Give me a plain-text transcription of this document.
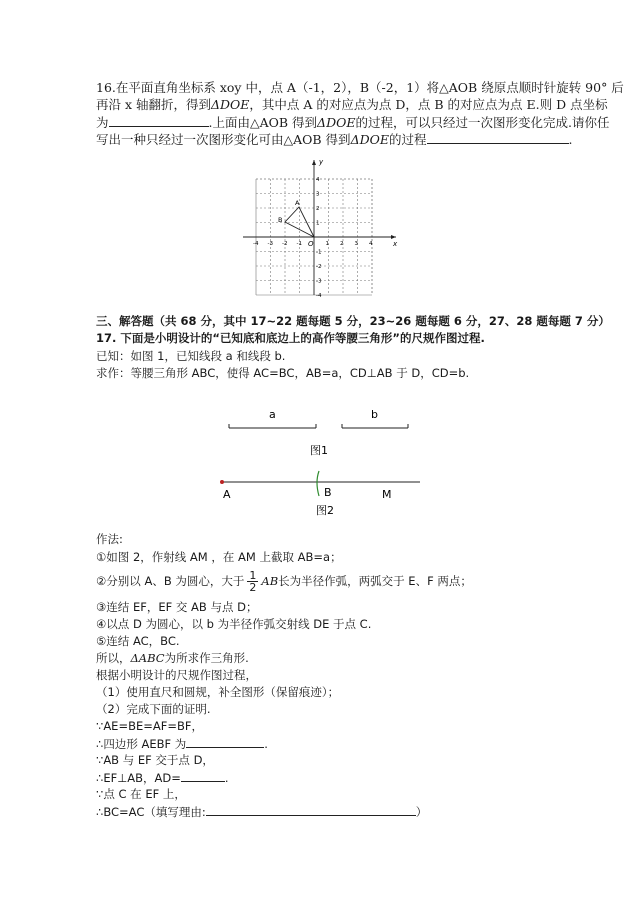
16.在平面直角坐标系 xoy 中，点 A（-1，2），B（-2，1）将△AOB 绕原点顺时针旋转 90° 后
再沿 x 轴翻折，得到ΔDOE，其中点 A 的对应点为点 D，点 B 的对应点为点 E.则 D 点坐标
为	.上面由△AOB 得到ΔDOE的过程，可以只经过一次图形变化完成.请你任
写出一种只经过一次图形变化可由△AOB 得到ΔDOE的过程	.
y
x
O
-4 -3 -2 -1	1 2 3 4
4
3
2
1
-1
-2
-3
-4
A
B
三、解答题（共 68 分，其中 17~22 题每题 5 分，23~26 题每题 6 分，27、28 题每题 7 分）
17. 下面是小明设计的“已知底和底边上的高作等腰三角形”的尺规作图过程.
已知：如图 1，已知线段 a 和线段 b.
求作：等腰三角形 ABC，使得 AC=BC，AB=a，CD⊥AB 于 D，CD=b.
a	b
图1
A	B	M
图2
作法:
①如图 2，作射线 AM ，在 AM 上截取 AB=a；
②分别以 A、B 为圆心，大于 $\frac{1}{2}$ AB长为半径作弧，两弧交于 E、F 两点；
③连结 EF，EF 交 AB 与点 D；
④以点 D 为圆心，以 b 为半径作弧交射线 DE 于点 C.
⑤连结 AC，BC.
所以，ΔABC为所求作三角形.
根据小明设计的尺规作图过程，
（1）使用直尺和圆规，补全图形（保留痕迹）；
（2）完成下面的证明.
∵AE=BE=AF=BF，
∴四边形 AEBF 为	.
∵AB 与 EF 交于点 D，
∴EF⊥AB，AD=	.
∵点 C 在 EF 上，
∴BC=AC（填写理由:	）
